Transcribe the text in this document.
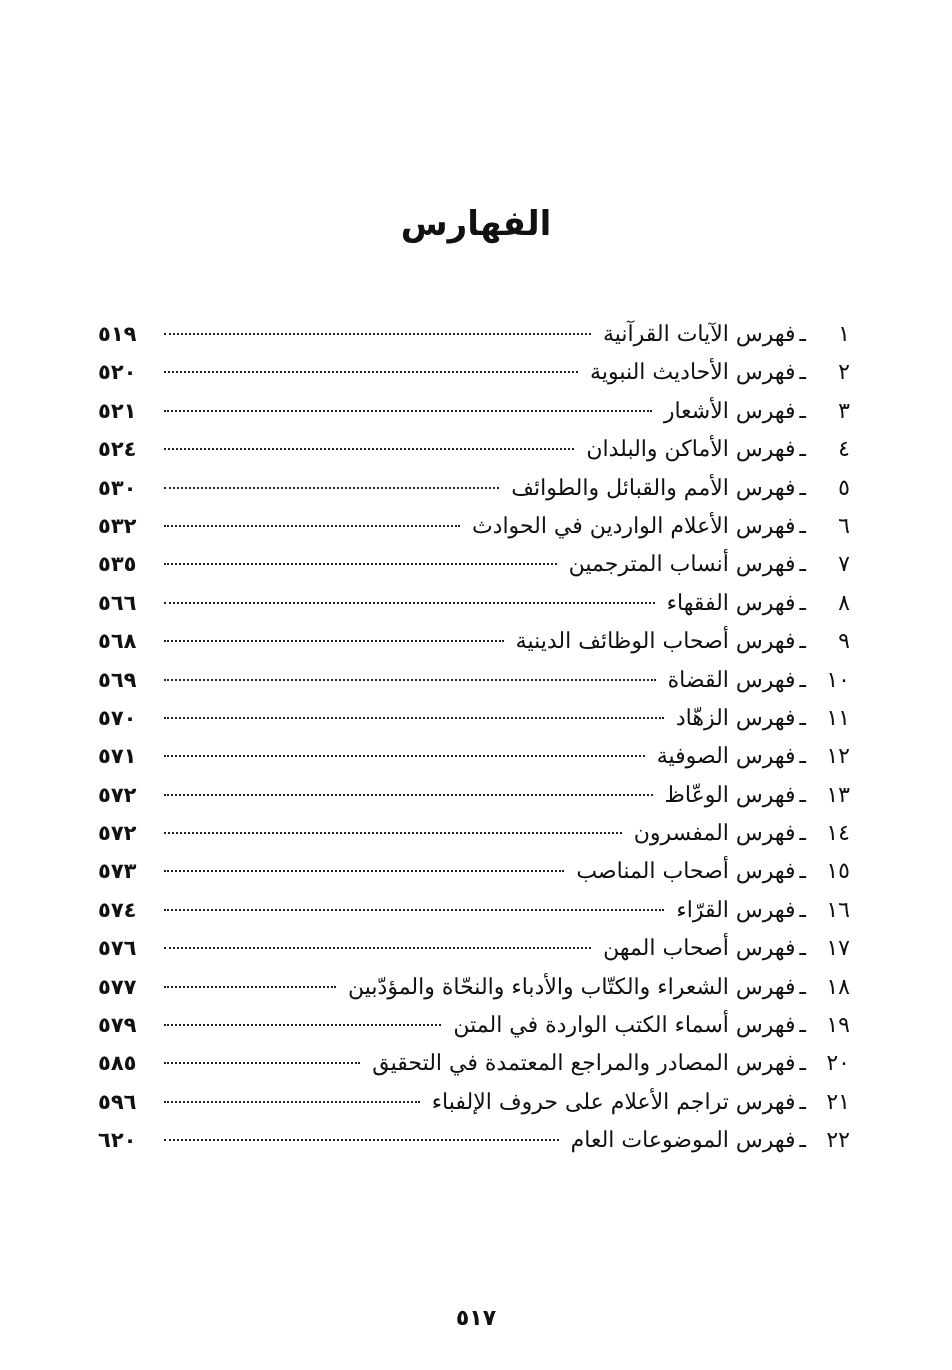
الفهارس
١
ـ
فهرس الآيات القرآنية
٥١٩
٢
ـ
فهرس الأحاديث النبوية
٥٢٠
٣
ـ
فهرس الأشعار
٥٢١
٤
ـ
فهرس الأماكن والبلدان
٥٢٤
٥
ـ
فهرس الأمم والقبائل والطوائف
٥٣٠
٦
ـ
فهرس الأعلام الواردين في الحوادث
٥٣٢
٧
ـ
فهرس أنساب المترجمين
٥٣٥
٨
ـ
فهرس الفقهاء
٥٦٦
٩
ـ
فهرس أصحاب الوظائف الدينية
٥٦٨
١٠
ـ
فهرس القضاة
٥٦٩
١١
ـ
فهرس الزهّاد
٥٧٠
١٢
ـ
فهرس الصوفية
٥٧١
١٣
ـ
فهرس الوعّاظ
٥٧٢
١٤
ـ
فهرس المفسرون
٥٧٢
١٥
ـ
فهرس أصحاب المناصب
٥٧٣
١٦
ـ
فهرس القرّاء
٥٧٤
١٧
ـ
فهرس أصحاب المهن
٥٧٦
١٨
ـ
فهرس الشعراء والكتّاب والأدباء والنحّاة والمؤدّبين
٥٧٧
١٩
ـ
فهرس أسماء الكتب الواردة في المتن
٥٧٩
٢٠
ـ
فهرس المصادر والمراجع المعتمدة في التحقيق
٥٨٥
٢١
ـ
فهرس تراجم الأعلام على حروف الإلفباء
٥٩٦
٢٢
ـ
فهرس الموضوعات العام
٦٢٠
٥١٧
